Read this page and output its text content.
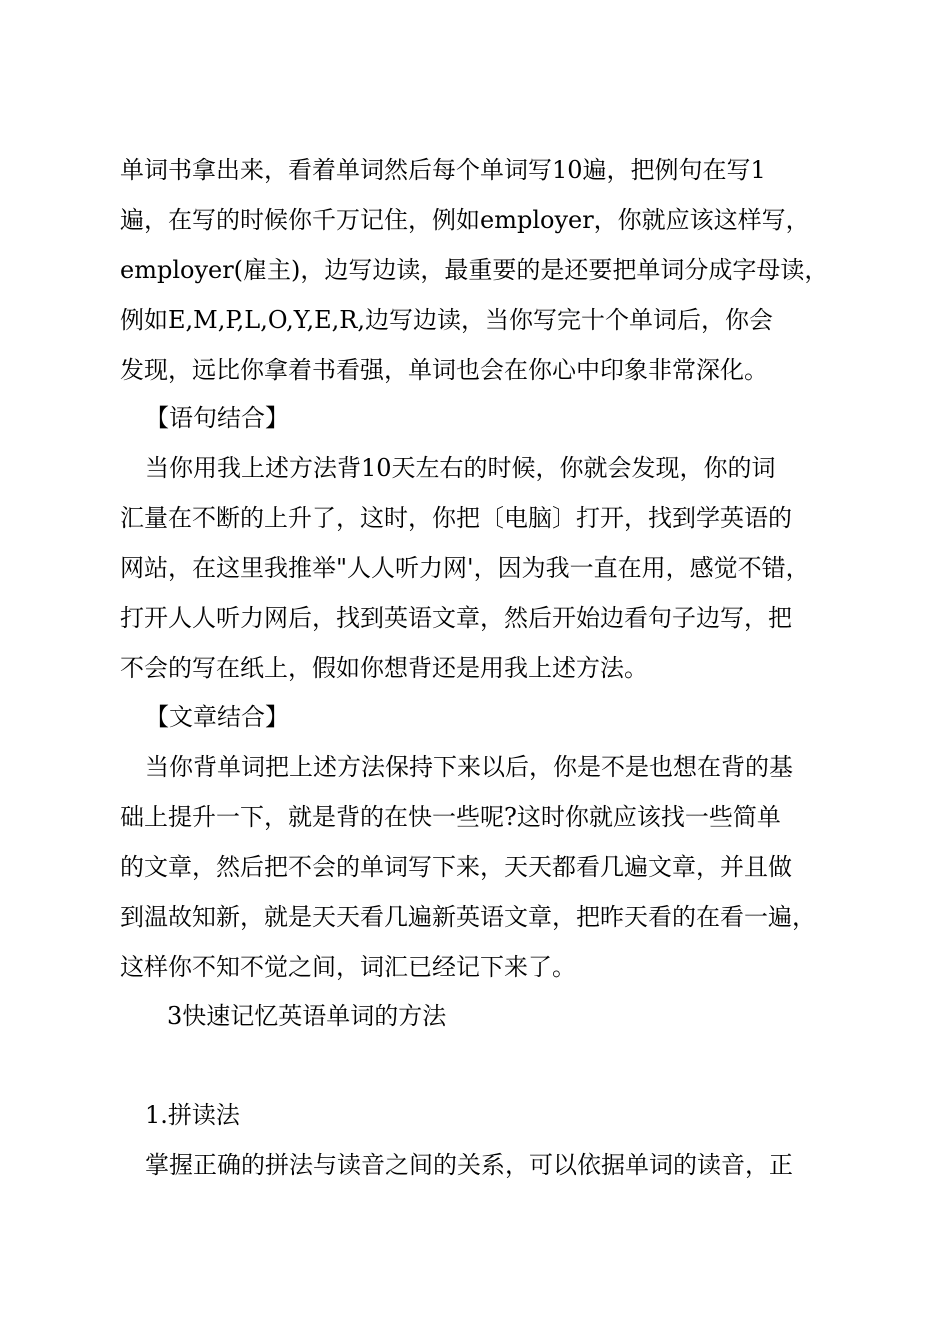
单词书拿出来，看着单词然后每个单词写10遍，把例句在写1
遍，在写的时候你千万记住，例如employer，你就应该这样写，
employer(雇主)，边写边读，最重要的是还要把单词分成字母读，
例如E,M,P,L,O,Y,E,R,边写边读，当你写完十个单词后，你会
发现，远比你拿着书看强，单词也会在你心中印象非常深化。
【语句结合】
当你用我上述方法背10天左右的时候，你就会发现，你的词
汇量在不断的上升了，这时，你把〔电脑〕打开，找到学英语的
网站，在这里我推举"人人听力网'，因为我一直在用，感觉不错，
打开人人听力网后，找到英语文章，然后开始边看句子边写，把
不会的写在纸上，假如你想背还是用我上述方法。
【文章结合】
当你背单词把上述方法保持下来以后，你是不是也想在背的基
础上提升一下，就是背的在快一些呢?这时你就应该找一些简单
的文章，然后把不会的单词写下来，天天都看几遍文章，并且做
到温故知新，就是天天看几遍新英语文章，把昨天看的在看一遍，
这样你不知不觉之间，词汇已经记下来了。
3快速记忆英语单词的方法
1.拼读法
掌握正确的拼法与读音之间的关系，可以依据单词的读音，正
